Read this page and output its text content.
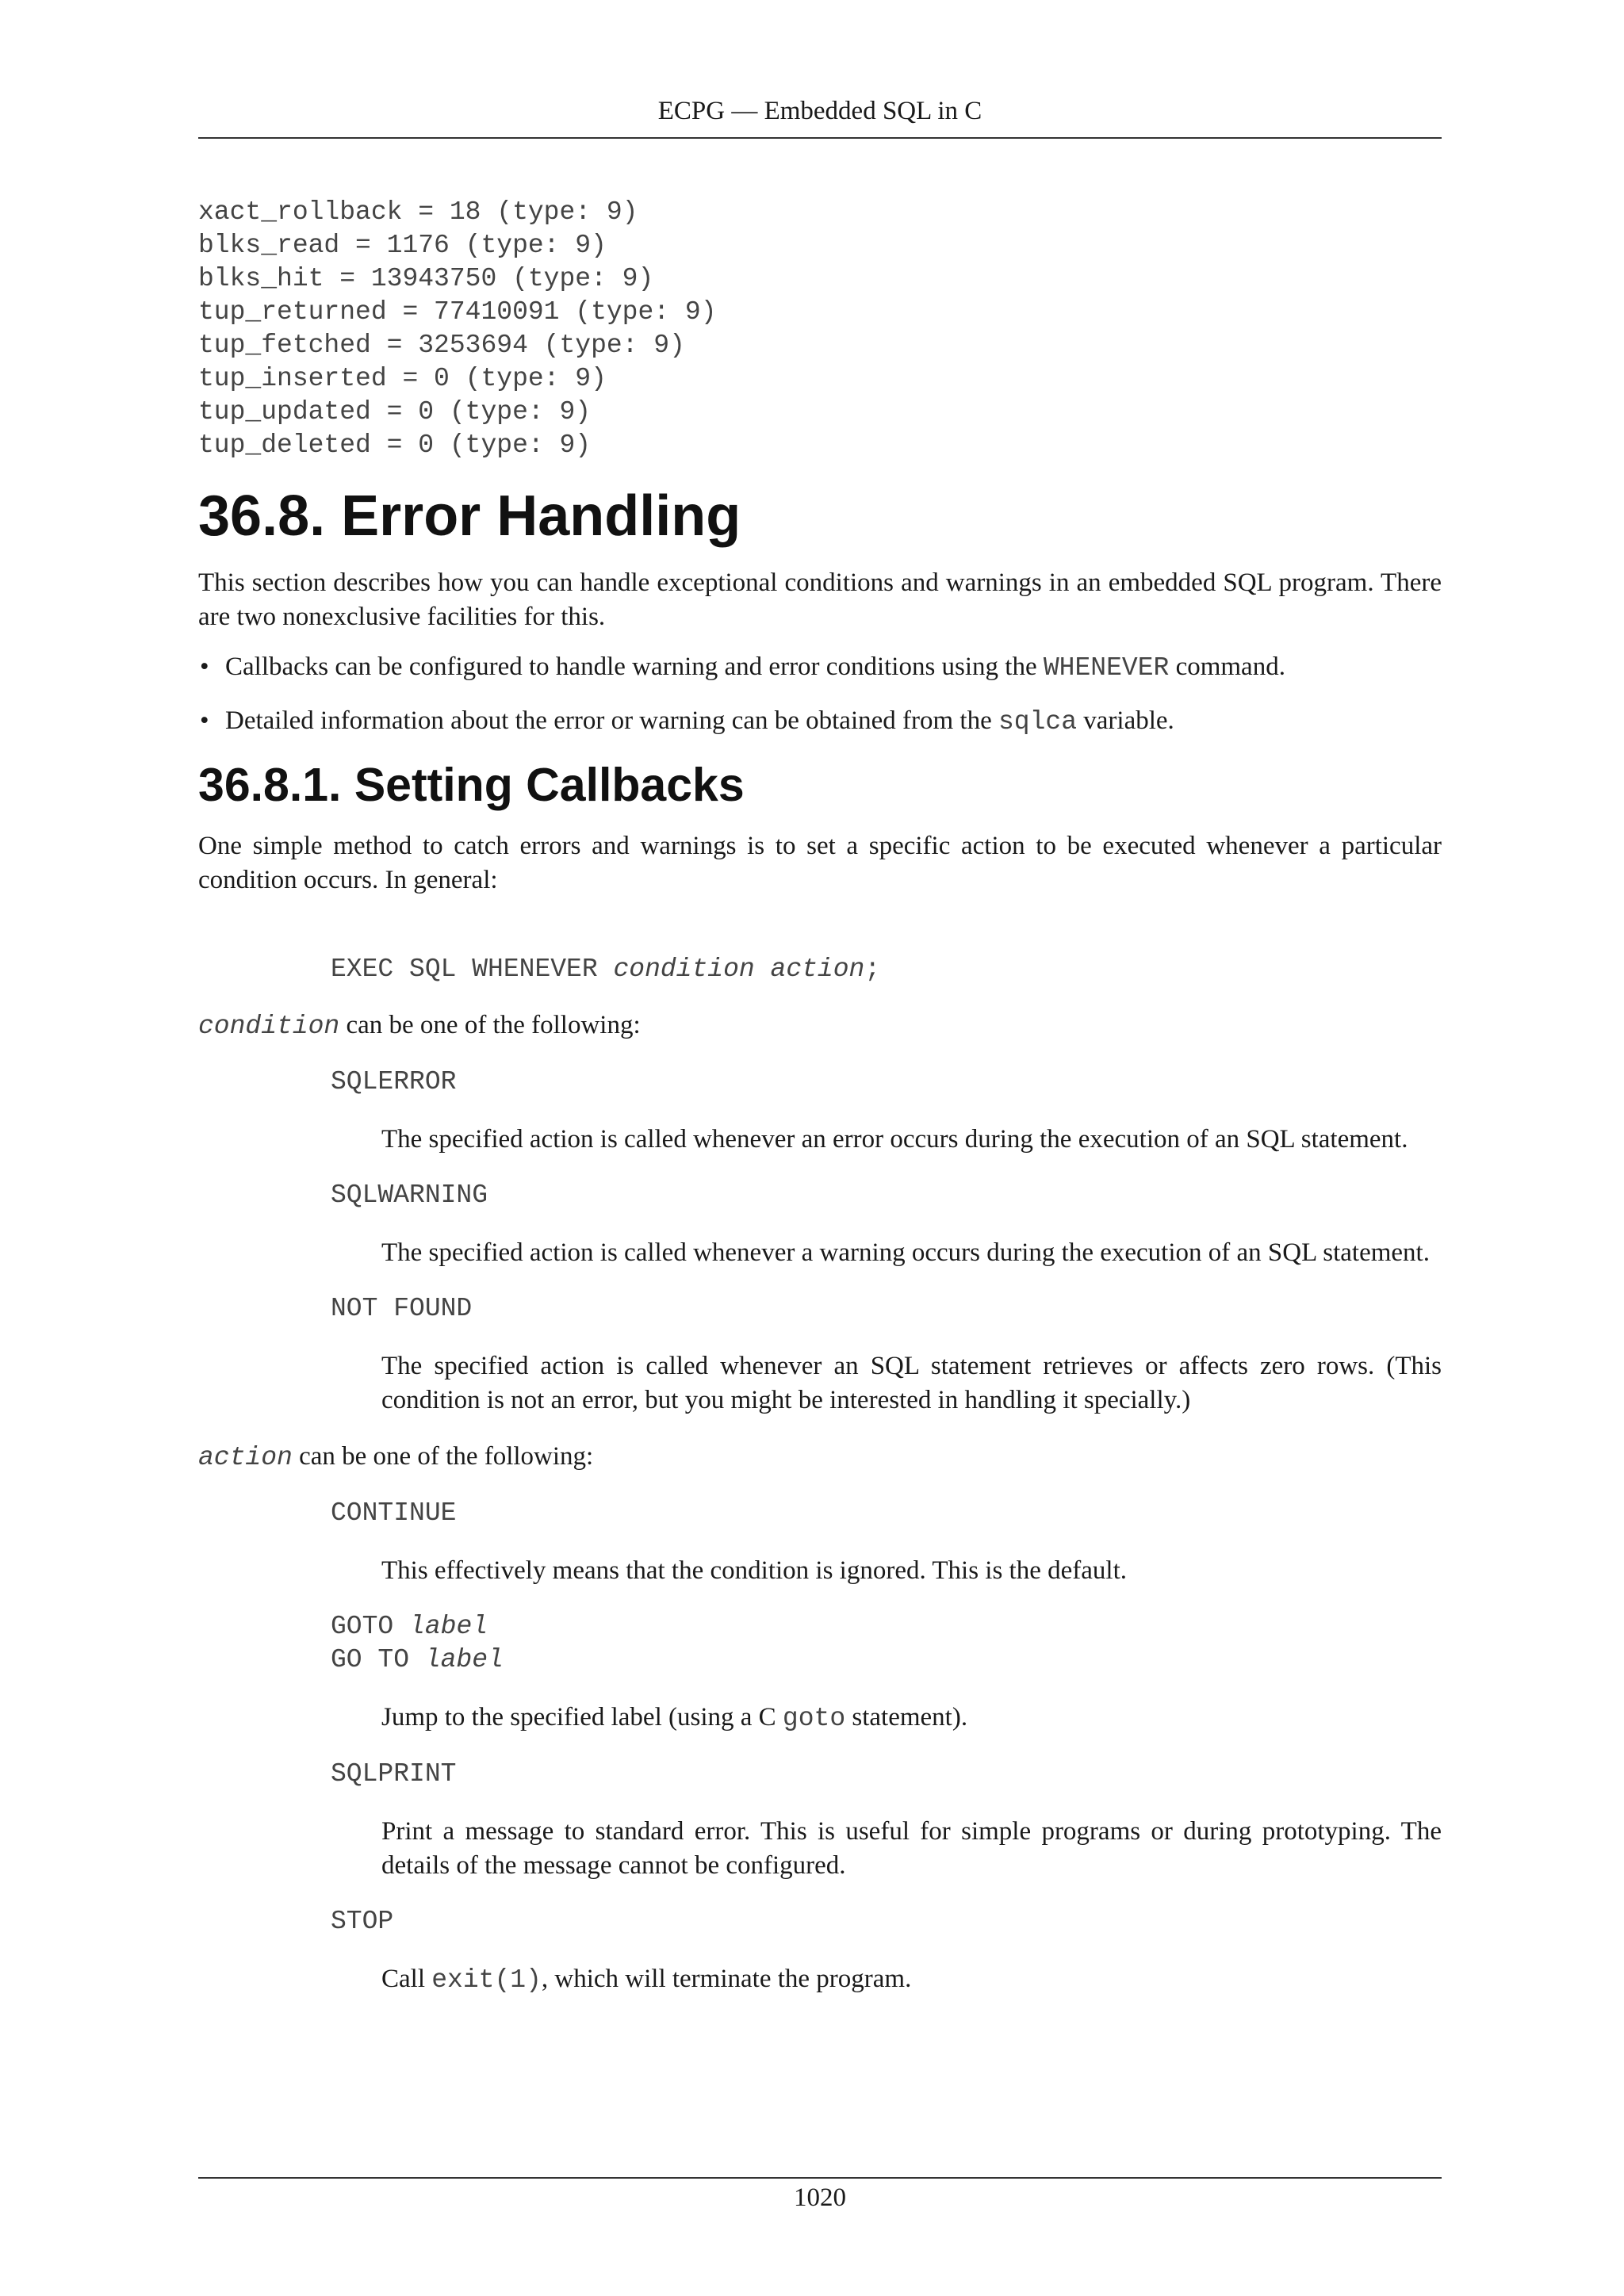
ECPG — Embedded SQL in C
xact_rollback = 18 (type: 9)
blks_read = 1176 (type: 9)
blks_hit = 13943750 (type: 9)
tup_returned = 77410091 (type: 9)
tup_fetched = 3253694 (type: 9)
tup_inserted = 0 (type: 9)
tup_updated = 0 (type: 9)
tup_deleted = 0 (type: 9)
36.8. Error Handling

This section describes how you can handle exceptional conditions and warnings in an embedded SQL program. There are two nonexclusive facilities for this.

• Callbacks can be configured to handle warning and error conditions using the WHENEVER command.
• Detailed information about the error or warning can be obtained from the sqlca variable.
36.8.1. Setting Callbacks

One simple method to catch errors and warnings is to set a specific action to be executed whenever a particular condition occurs. In general:

EXEC SQL WHENEVER condition action;

condition can be one of the following:

SQLERROR
The specified action is called whenever an error occurs during the execution of an SQL statement.
SQLWARNING
The specified action is called whenever a warning occurs during the execution of an SQL statement.
NOT FOUND
The specified action is called whenever an SQL statement retrieves or affects zero rows. (This condition is not an error, but you might be interested in handling it specially.)

action can be one of the following:

CONTINUE
This effectively means that the condition is ignored. This is the default.
GOTO label
GO TO label
Jump to the specified label (using a C goto statement).
SQLPRINT
Print a message to standard error. This is useful for simple programs or during prototyping. The details of the message cannot be configured.
STOP
Call exit(1), which will terminate the program.
1020
